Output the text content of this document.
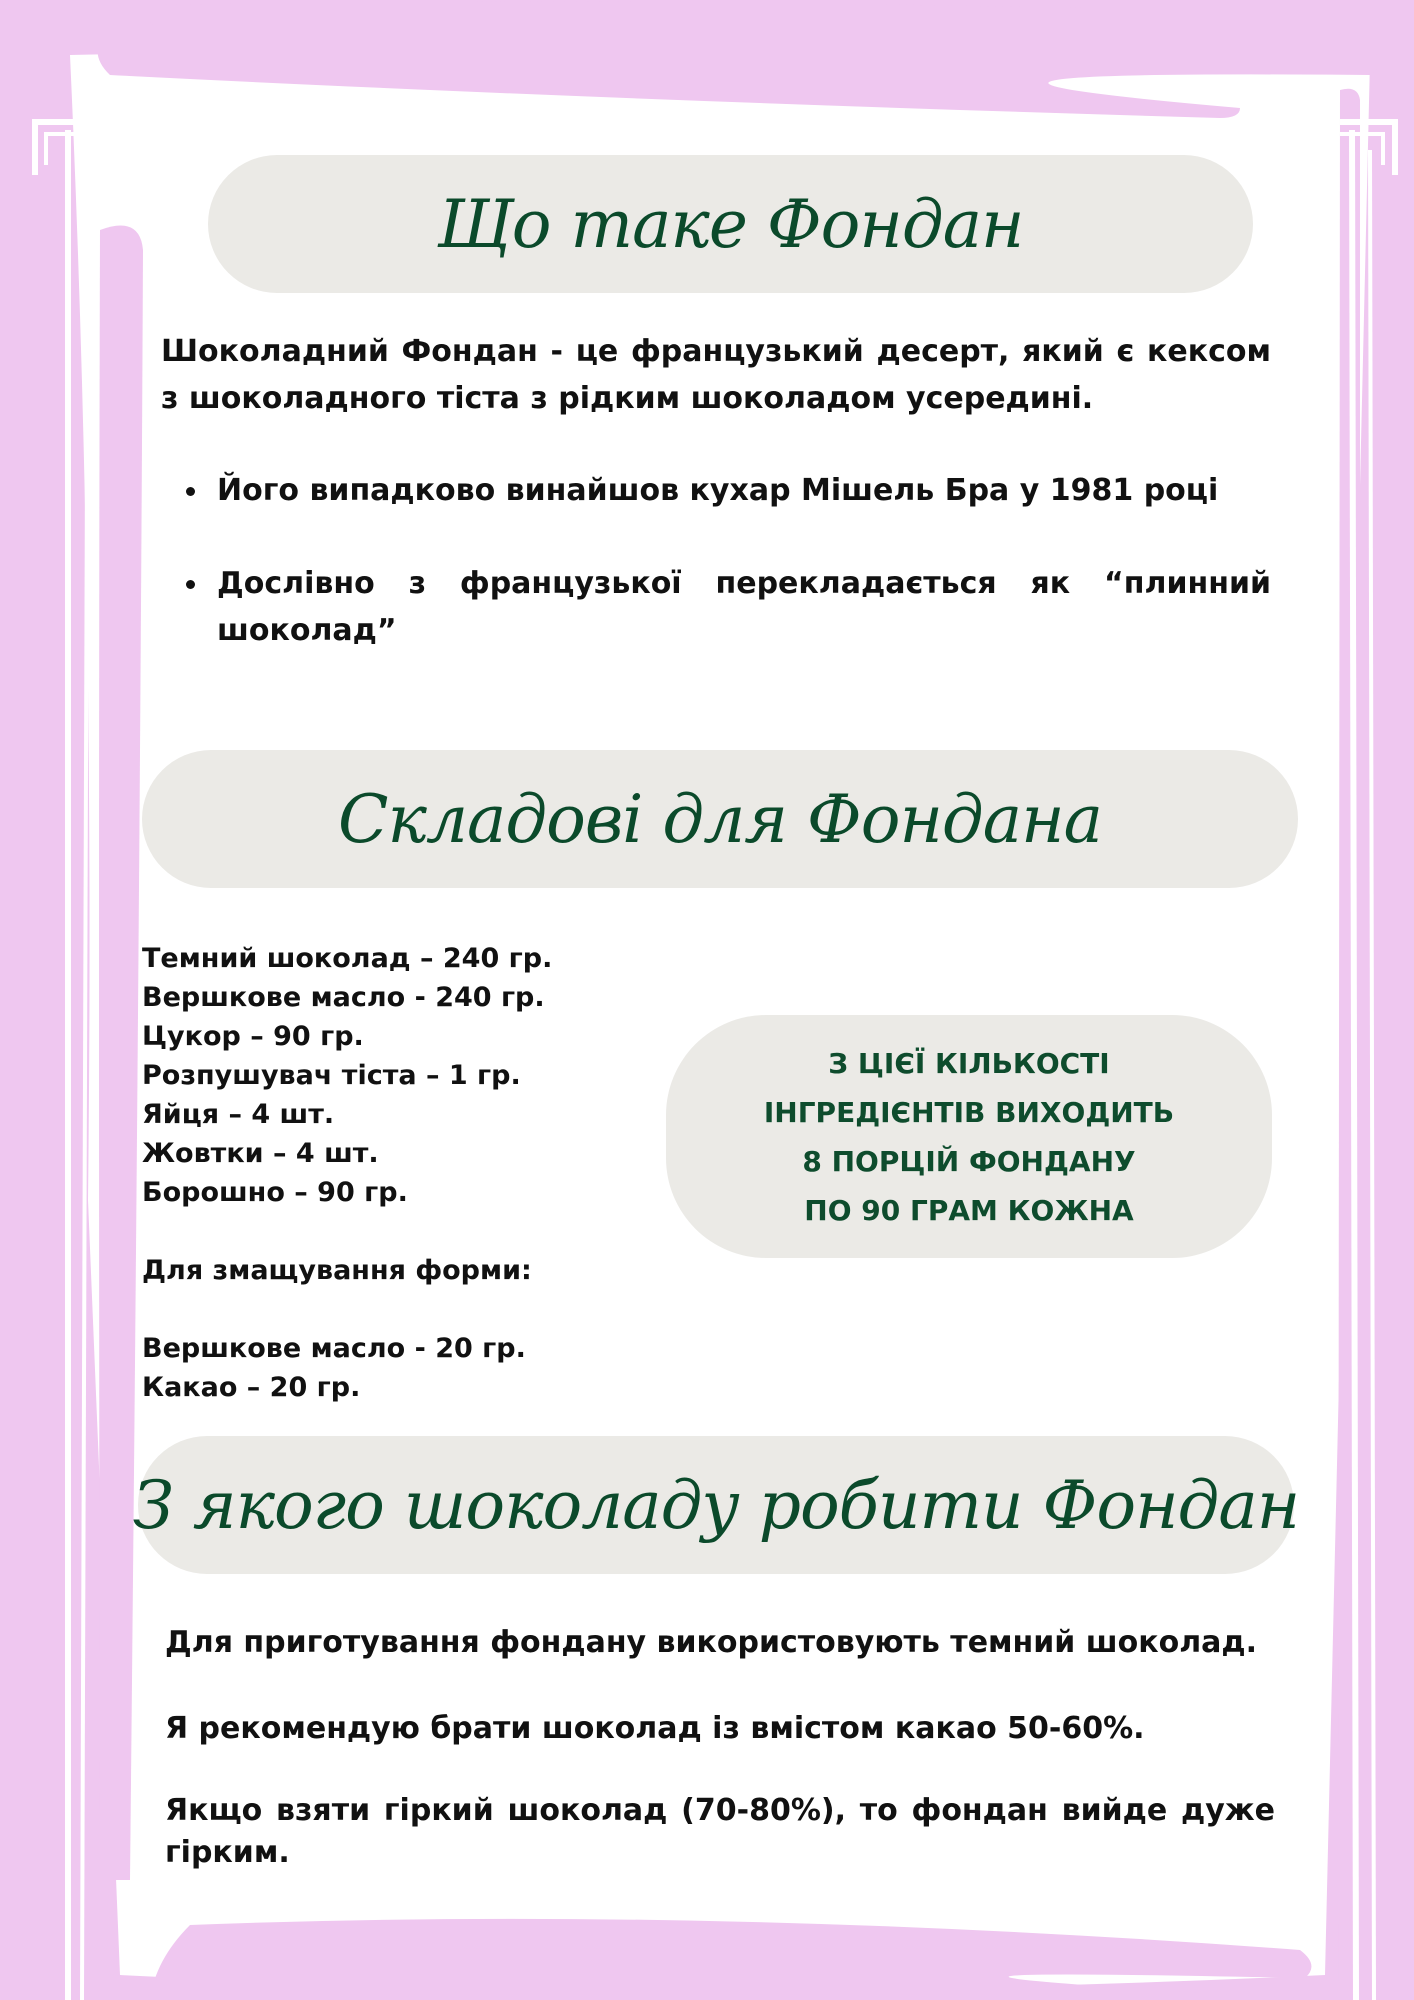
Що таке Фондан

Шоколадний Фондан - це французький десерт, який є кексом з шоколадного тіста з рідким шоколадом усередині.

Його випадково винайшов кухар Мішель Бра у 1981 році
Дослівно з французької перекладається як “плинний шоколад”
Складові для Фондана

Темний шоколад – 240 гр.

Вершкове масло - 240 гр.

Цукор – 90 гр.

Розпушувач тіста – 1 гр.

Яйця – 4 шт.

Жовтки – 4 шт.

Борошно – 90 гр.

Для змащування форми:

Вершкове масло - 20 гр.

Какао – 20 гр.

З ЦІЄЇ КІЛЬКОСТІ
ІНГРЕДІЄНТІВ ВИХОДИТЬ
8 ПОРЦІЙ ФОНДАНУ
ПО 90 ГРАМ КОЖНА
З якого шоколаду робити Фондан

Для приготування фондану використовують темний шоколад.

Я рекомендую брати шоколад із вмістом какао 50-60%.

Якщо взяти гіркий шоколад (70-80%), то фондан вийде дуже гірким.
